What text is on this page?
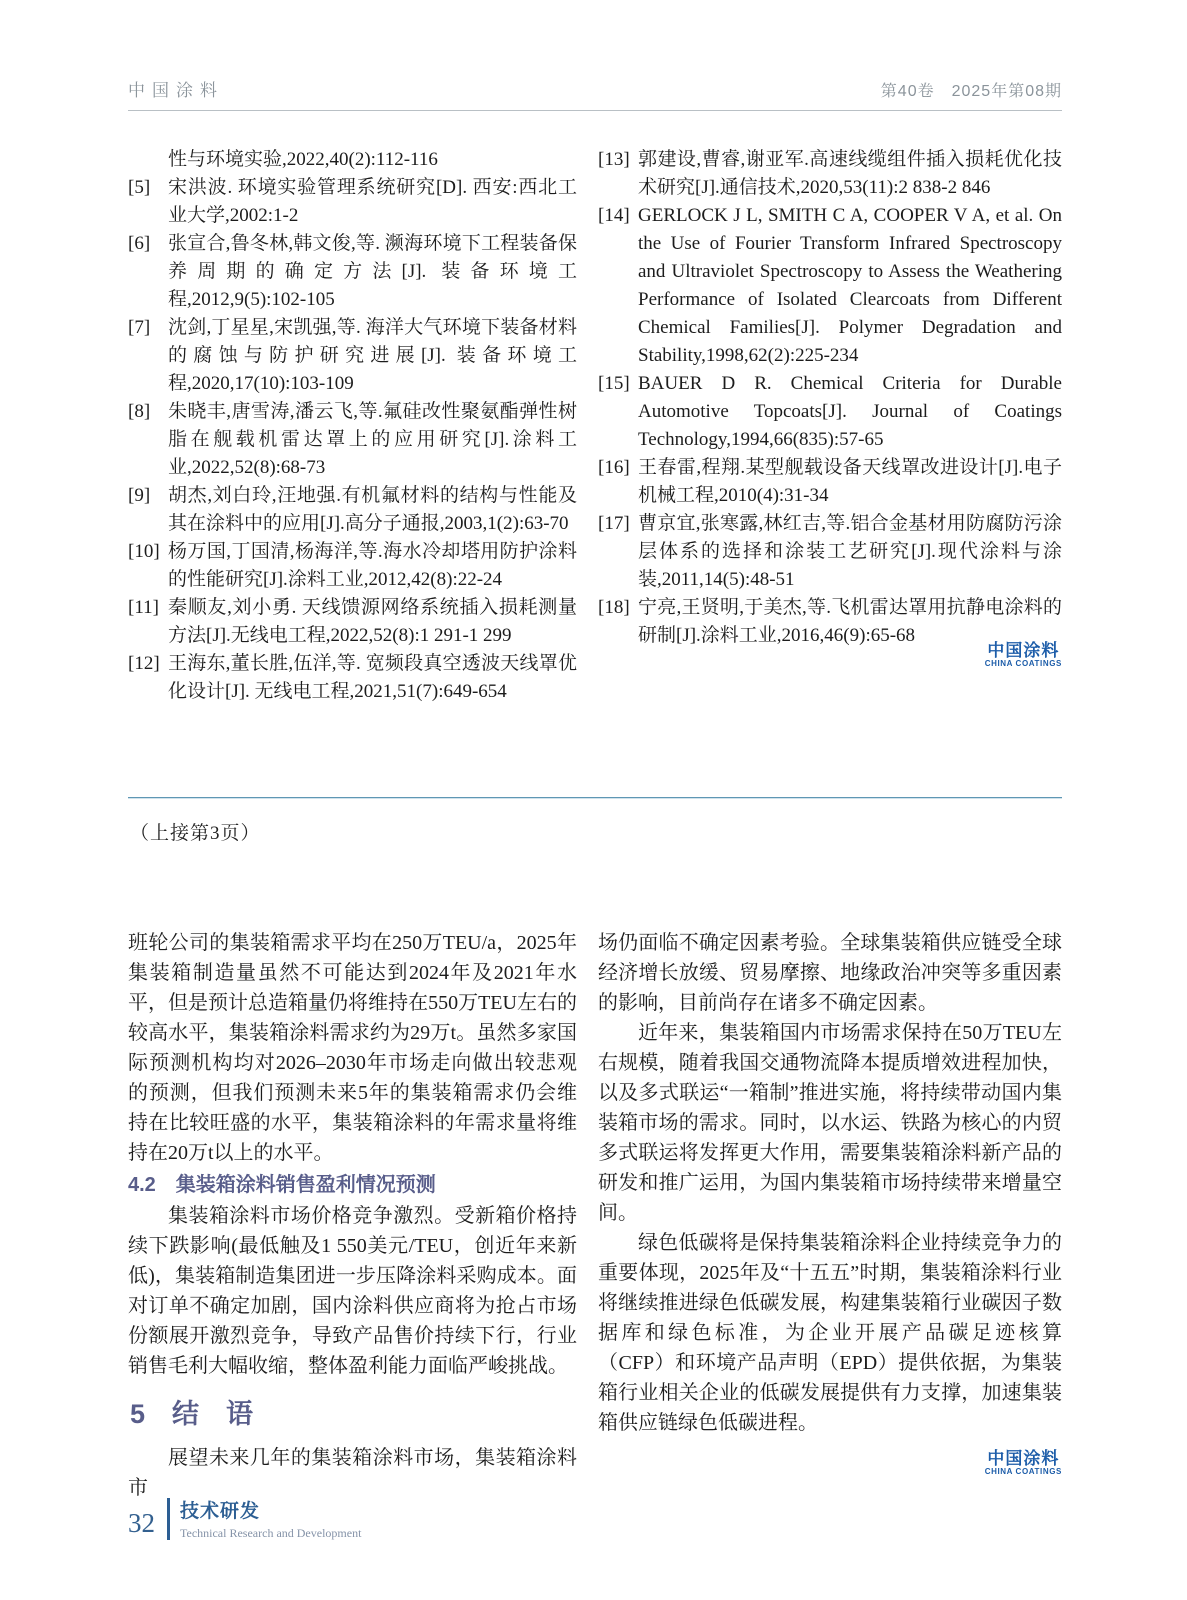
中国涂料	第40卷　2025年第08期
性与环境实验,2022,40(2):112-116
[5] 宋洪波. 环境实验管理系统研究[D]. 西安:西北工业大学,2002:1-2
[6] 张宣合,鲁冬林,韩文俊,等. 濒海环境下工程装备保养周期的确定方法[J]. 装备环境工程,2012,9(5):102-105
[7] 沈剑,丁星星,宋凯强,等. 海洋大气环境下装备材料的腐蚀与防护研究进展[J]. 装备环境工程,2020,17(10):103-109
[8] 朱晓丰,唐雪涛,潘云飞,等.氟硅改性聚氨酯弹性树脂在舰载机雷达罩上的应用研究[J].涂料工业,2022,52(8):68-73
[9] 胡杰,刘白玲,汪地强.有机氟材料的结构与性能及其在涂料中的应用[J].高分子通报,2003,1(2):63-70
[10] 杨万国,丁国清,杨海洋,等.海水冷却塔用防护涂料的性能研究[J].涂料工业,2012,42(8):22-24
[11] 秦顺友,刘小勇. 天线馈源网络系统插入损耗测量方法[J].无线电工程,2022,52(8):1 291-1 299
[12] 王海东,董长胜,伍洋,等. 宽频段真空透波天线罩优化设计[J]. 无线电工程,2021,51(7):649-654
[13] 郭建设,曹睿,谢亚军.高速线缆组件插入损耗优化技术研究[J].通信技术,2020,53(11):2 838-2 846
[14] GERLOCK J L, SMITH C A, COOPER V A, et al. On the Use of Fourier Transform Infrared Spectroscopy and Ultraviolet Spectroscopy to Assess the Weathering Performance of Isolated Clearcoats from Different Chemical Families[J]. Polymer Degradation and Stability,1998,62(2):225-234
[15] BAUER D R. Chemical Criteria for Durable Automotive Topcoats[J]. Journal of Coatings Technology,1994,66(835):57-65
[16] 王春雷,程翔.某型舰载设备天线罩改进设计[J].电子机械工程,2010(4):31-34
[17] 曹京宜,张寒露,林红吉,等.铝合金基材用防腐防污涂层体系的选择和涂装工艺研究[J].现代涂料与涂装,2011,14(5):48-51
[18] 宁亮,王贤明,于美杰,等.飞机雷达罩用抗静电涂料的研制[J].涂料工业,2016,46(9):65-68
中国涂料
CHINA COATINGS
（上接第3页）

班轮公司的集装箱需求平均在250万TEU/a，2025年集装箱制造量虽然不可能达到2024年及2021年水平，但是预计总造箱量仍将维持在550万TEU左右的较高水平，集装箱涂料需求约为29万t。虽然多家国际预测机构均对2026–2030年市场走向做出较悲观的预测，但我们预测未来5年的集装箱需求仍会维持在比较旺盛的水平，集装箱涂料的年需求量将维持在20万t以上的水平。

4.2　集装箱涂料销售盈利情况预测

集装箱涂料市场价格竞争激烈。受新箱价格持续下跌影响(最低触及1 550美元/TEU，创近年来新低)，集装箱制造集团进一步压降涂料采购成本。面对订单不确定加剧，国内涂料供应商将为抢占市场份额展开激烈竞争，导致产品售价持续下行，行业销售毛利大幅收缩，整体盈利能力面临严峻挑战。

5　结　语

展望未来几年的集装箱涂料市场，集装箱涂料市

场仍面临不确定因素考验。全球集装箱供应链受全球经济增长放缓、贸易摩擦、地缘政治冲突等多重因素的影响，目前尚存在诸多不确定因素。

近年来，集装箱国内市场需求保持在50万TEU左右规模，随着我国交通物流降本提质增效进程加快，以及多式联运“一箱制”推进实施，将持续带动国内集装箱市场的需求。同时，以水运、铁路为核心的内贸多式联运将发挥更大作用，需要集装箱涂料新产品的研发和推广运用，为国内集装箱市场持续带来增量空间。

绿色低碳将是保持集装箱涂料企业持续竞争力的重要体现，2025年及“十五五”时期，集装箱涂料行业将继续推进绿色低碳发展，构建集装箱行业碳因子数据库和绿色标准，为企业开展产品碳足迹核算（CFP）和环境产品声明（EPD）提供依据，为集装箱行业相关企业的低碳发展提供有力支撑，加速集装箱供应链绿色低碳进程。

中国涂料
CHINA COATINGS
32 技术研发
Technical Research and Development
